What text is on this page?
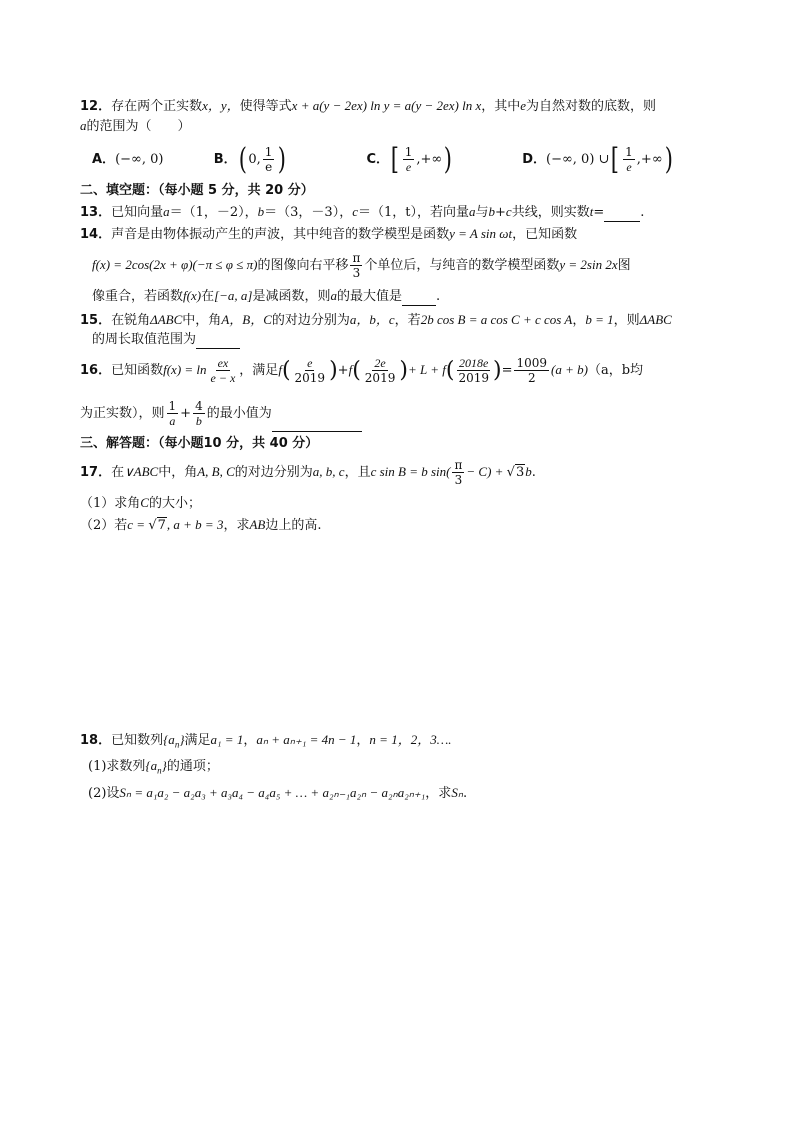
12．存在两个正实数x，y，使得等式x + a(y − 2ex) ln y = a(y − 2ex) ln x，其中e为自然对数的底数，则
a的范围为（　　）
A．(−∞, 0)	B．( 0, $\frac{1}{e}$ )	C．[ $\frac{1}{e}$ ,+∞)	D．(−∞, 0) ∪[ $\frac{1}{e}$ ,+∞)
二、填空题：（每小题 5 分，共 20 分）
13．已知向量a＝（1，－2），b＝（3，－3），c＝（1，t），若向量a与b+c共线，则实数t=	.
14．声音是由物体振动产生的声波，其中纯音的数学模型是函数y = A sin ωt，已知函数
f(x) = 2cos(2x + φ)(−π ≤ φ ≤ π)的图像向右平移 $\frac{\pi}{3}$ 个单位后，与纯音的数学模型函数y = 2sin 2x图
像重合，若函数f(x)在[−a, a]是减函数，则a的最大值是	.
15．在锐角ΔABC中，角A，B，C的对边分别为a，b，c，若2b cos B = a cos C + c cos A，b = 1，则ΔABC
的周长取值范围为
16．已知函数$f(x) = \ln \frac{ex}{e - x}$ ，满足$f( \frac{e}{2019} )+f( \frac{2e}{2019}$ )+ $L + f( \frac{2018e}{2019}$ )= $\frac{1009}{2} (a + b)(a$，b均
为正实数），则 $\frac{1}{a} + \frac{4}{b}$ 的最小值为
三、解答题：（每小题10 分，共 40 分）
17．在∨ABC中，角A, B, C的对边分别为a, b, c，且c sin B = b $\sin( \frac{\pi}{3} - C) + √3b$.
（1）求角C的大小；
（2）若c = √7, a + b = 3，求AB边上的高.
18．已知数列$\{a_n\}$满足a₁ = 1，aₙ + aₙ₊₁ = 4n − 1，n = 1，2，3….
(1)求数列$\{a_n\}$的通项；
(2)设Sₙ = a₁a₂ − a₂a₃ + a₃a₄ − a₄a₅ + … + a₂ₙ₋₁a₂ₙ − a₂ₙa₂ₙ₊₁，求Sₙ.
